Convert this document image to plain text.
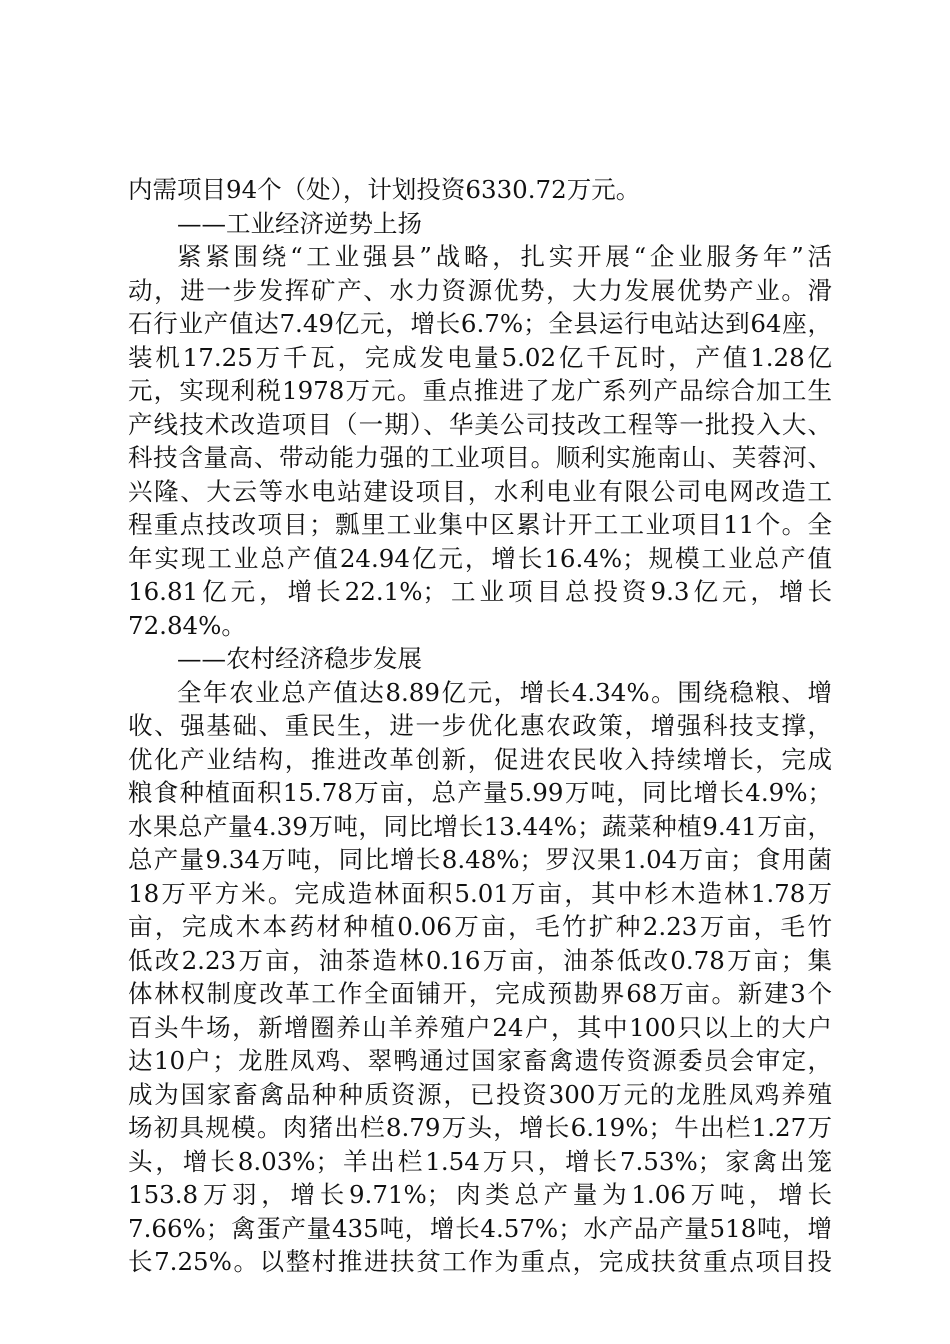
内需项目94个（处），计划投资6330.72万元。
——工业经济逆势上扬
紧紧围绕“工业强县”战略，扎实开展“企业服务年”活
动，进一步发挥矿产、水力资源优势，大力发展优势产业。滑
石行业产值达7.49亿元，增长6.7%；全县运行电站达到64座，
装机17.25万千瓦，完成发电量5.02亿千瓦时，产值1.28亿
元，实现利税1978万元。重点推进了龙广系列产品综合加工生
产线技术改造项目（一期）、华美公司技改工程等一批投入大、
科技含量高、带动能力强的工业项目。顺利实施南山、芙蓉河、
兴隆、大云等水电站建设项目，水利电业有限公司电网改造工
程重点技改项目；瓢里工业集中区累计开工工业项目11个。全
年实现工业总产值24.94亿元，增长16.4%；规模工业总产值
16.81亿元，增长22.1%；工业项目总投资9.3亿元，增长
72.84%。
——农村经济稳步发展
全年农业总产值达8.89亿元，增长4.34%。围绕稳粮、增
收、强基础、重民生，进一步优化惠农政策，增强科技支撑，
优化产业结构，推进改革创新，促进农民收入持续增长，完成
粮食种植面积15.78万亩，总产量5.99万吨，同比增长4.9%；
水果总产量4.39万吨，同比增长13.44%；蔬菜种植9.41万亩，
总产量9.34万吨，同比增长8.48%；罗汉果1.04万亩；食用菌
18万平方米。完成造林面积5.01万亩，其中杉木造林1.78万
亩，完成木本药材种植0.06万亩，毛竹扩种2.23万亩，毛竹
低改2.23万亩，油茶造林0.16万亩，油茶低改0.78万亩；集
体林权制度改革工作全面铺开，完成预勘界68万亩。新建3个
百头牛场，新增圈养山羊养殖户24户，其中100只以上的大户
达10户；龙胜凤鸡、翠鸭通过国家畜禽遗传资源委员会审定，
成为国家畜禽品种种质资源，已投资300万元的龙胜凤鸡养殖
场初具规模。肉猪出栏8.79万头，增长6.19%；牛出栏1.27万
头，增长8.03%；羊出栏1.54万只，增长7.53%；家禽出笼
153.8万羽，增长9.71%；肉类总产量为1.06万吨，增长
7.66%；禽蛋产量435吨，增长4.57%；水产品产量518吨，增
长7.25%。以整村推进扶贫工作为重点，完成扶贫重点项目投
